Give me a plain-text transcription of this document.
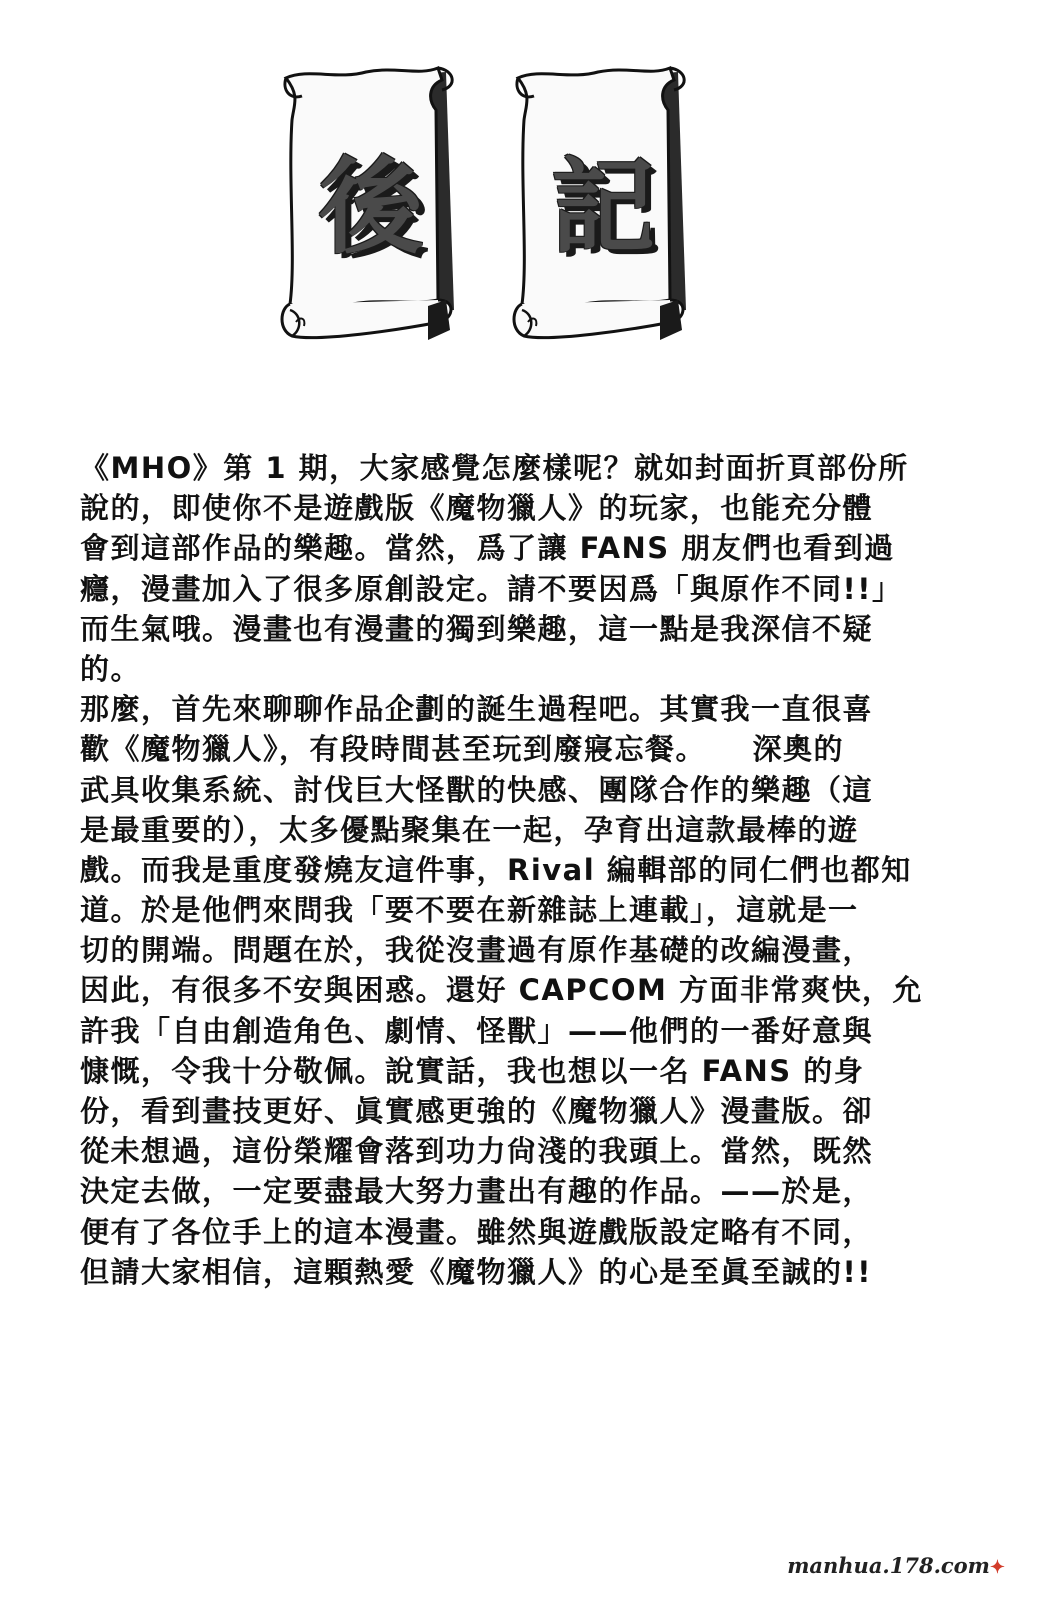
後 記
《MHO》第 1 期，大家感覺怎麼樣呢？就如封面折頁部份所
說的，即使你不是遊戲版《魔物獵人》的玩家，也能充分體
會到這部作品的樂趣。當然，爲了讓 FANS 朋友們也看到過
癮，漫畫加入了很多原創設定。請不要因爲「與原作不同!!」
而生氣哦。漫畫也有漫畫的獨到樂趣，這一點是我深信不疑
的。
那麼，首先來聊聊作品企劃的誕生過程吧。其實我一直很喜
歡《魔物獵人》，有段時間甚至玩到廢寢忘餐。　　深奧的
武具收集系統、討伐巨大怪獸的快感、團隊合作的樂趣（這
是最重要的），太多優點聚集在一起，孕育出這款最棒的遊
戲。而我是重度發燒友這件事，Rival 編輯部的同仁們也都知
道。於是他們來問我「要不要在新雜誌上連載」，這就是一
切的開端。問題在於，我從沒畫過有原作基礎的改編漫畫，
因此，有很多不安與困惑。還好 CAPCOM 方面非常爽快，允
許我「自由創造角色、劇情、怪獸」——他們的一番好意與
慷慨，令我十分敬佩。說實話，我也想以一名 FANS 的身
份，看到畫技更好、眞實感更強的《魔物獵人》漫畫版。卻
從未想過，這份榮耀會落到功力尙淺的我頭上。當然，既然
決定去做，一定要盡最大努力畫出有趣的作品。——於是，
便有了各位手上的這本漫畫。雖然與遊戲版設定略有不同，
但請大家相信，這顆熱愛《魔物獵人》的心是至眞至誠的!!
manhua.178.com✦
